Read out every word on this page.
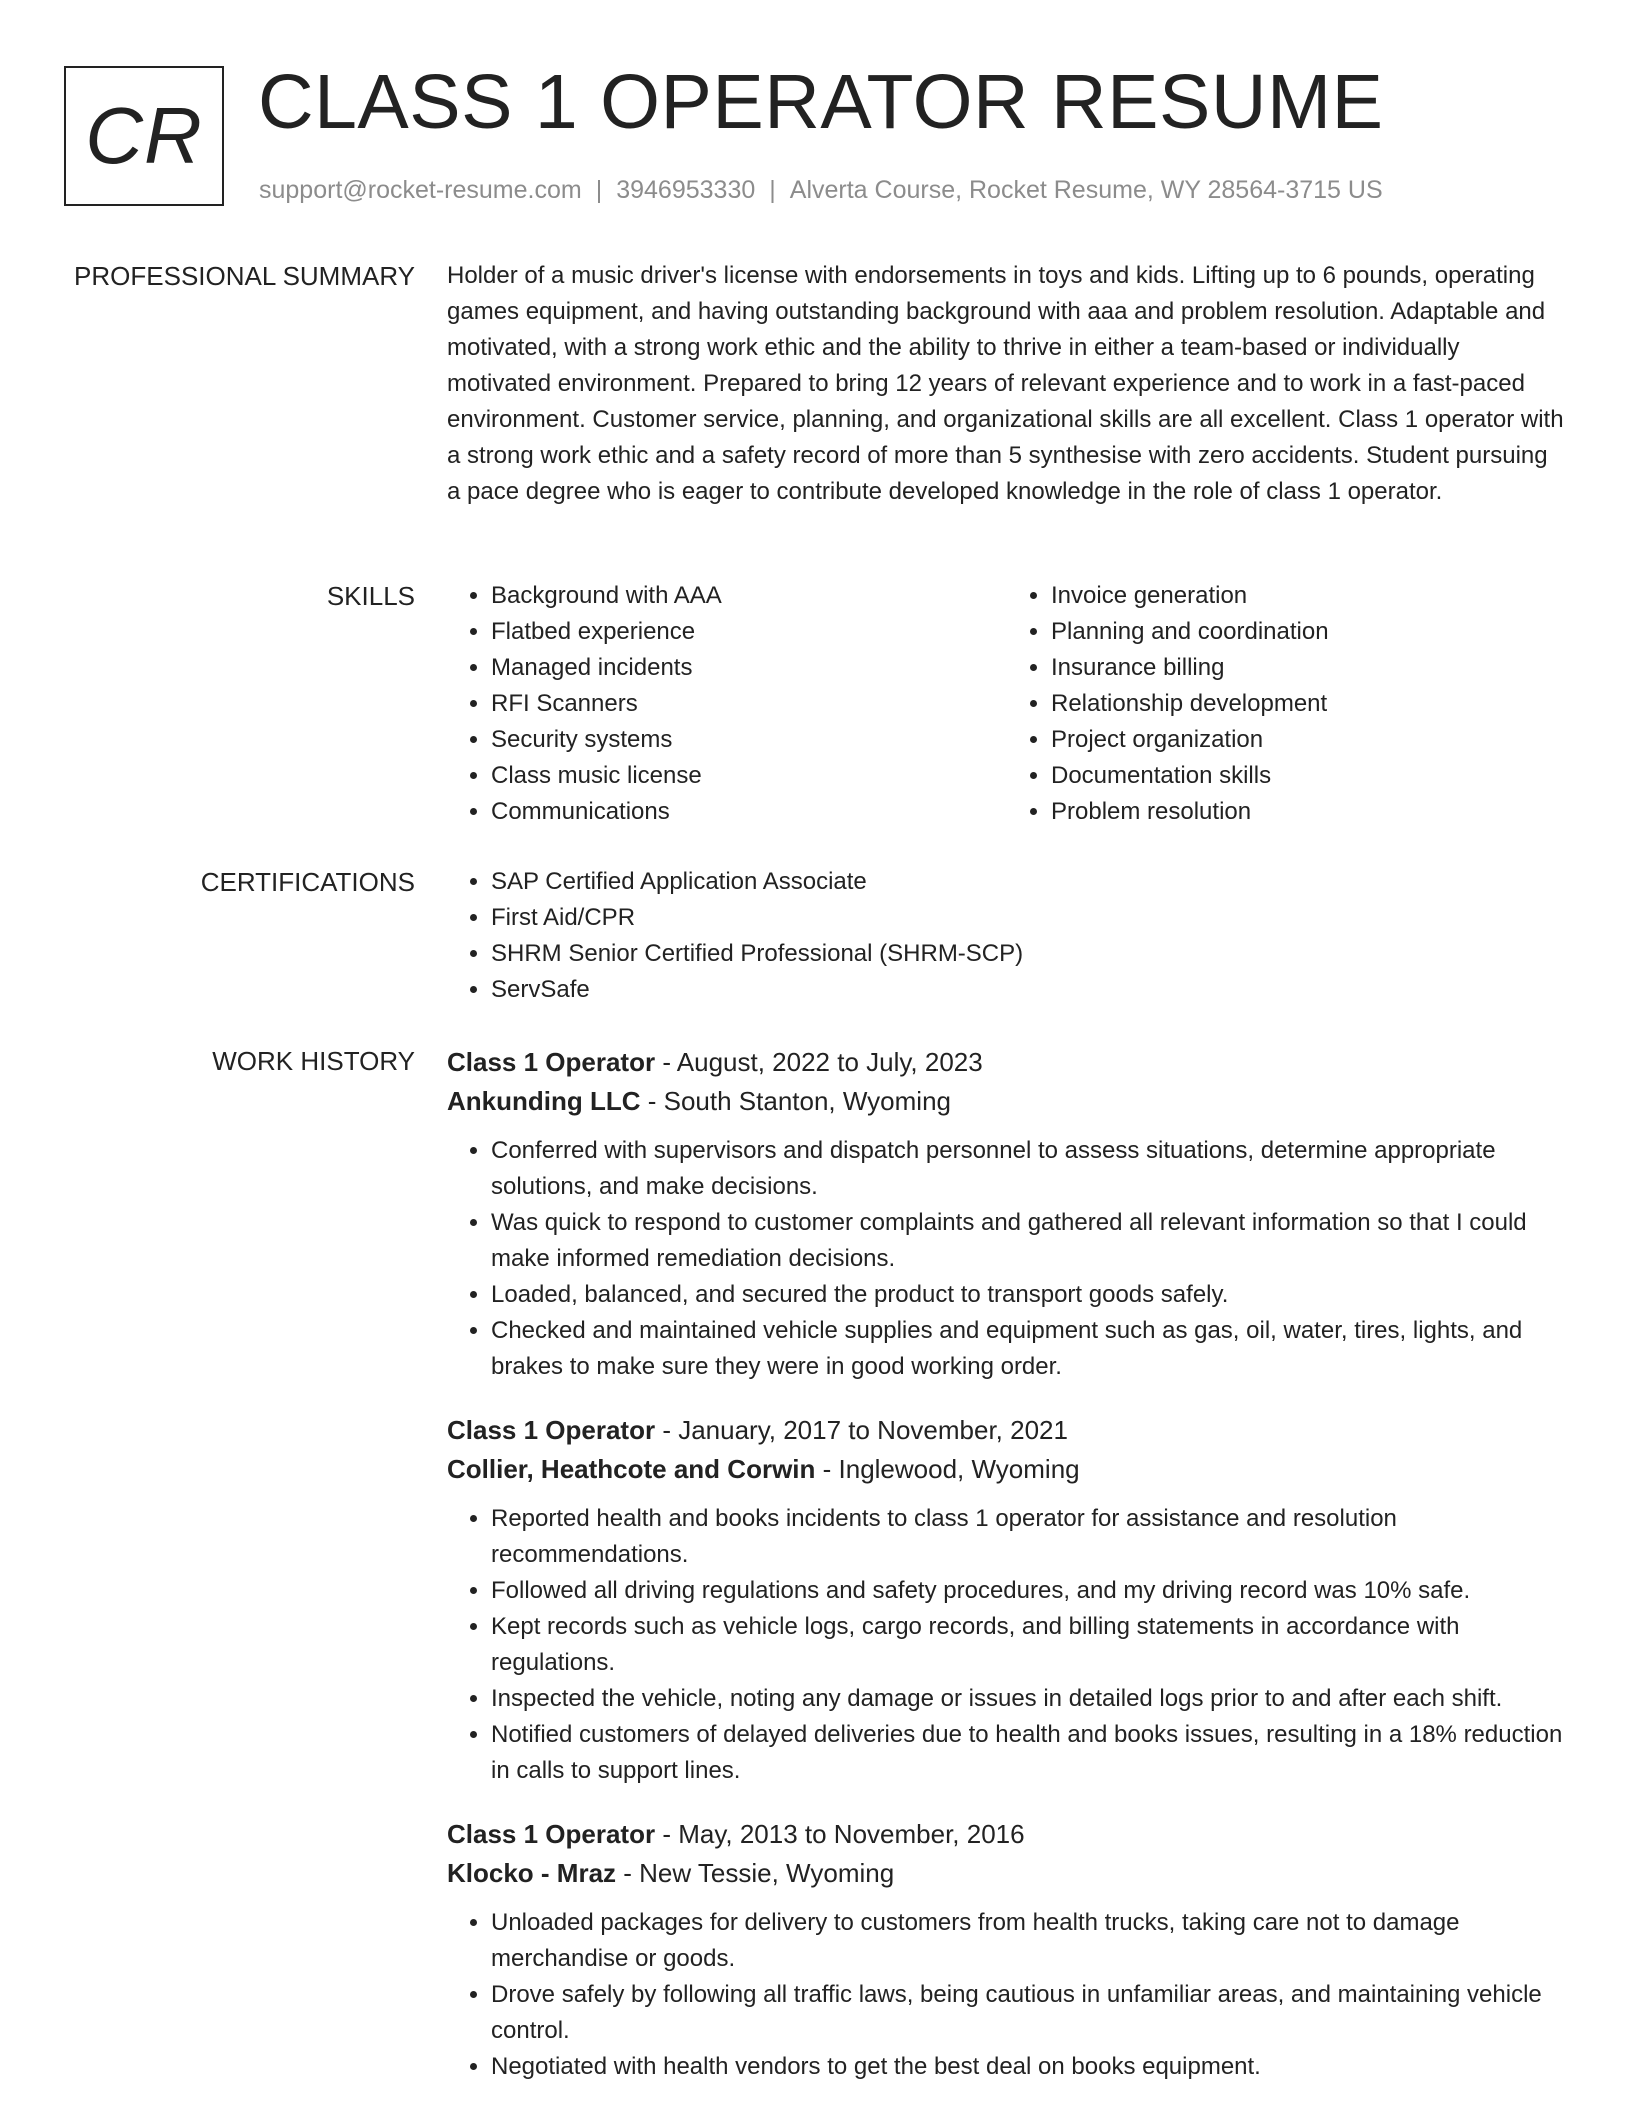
CR CLASS 1 OPERATOR RESUME
support@rocket-resume.com | 3946953330 | Alverta Course, Rocket Resume, WY 28564-3715 US
PROFESSIONAL SUMMARY Holder of a music driver's license with endorsements in toys and kids. Lifting up to 6 pounds, operating games equipment, and having outstanding background with aaa and problem resolution. Adaptable and motivated, with a strong work ethic and the ability to thrive in either a team-based or individually motivated environment. Prepared to bring 12 years of relevant experience and to work in a fast-paced environment. Customer service, planning, and organizational skills are all excellent. Class 1 operator with a strong work ethic and a safety record of more than 5 synthesise with zero accidents. Student pursuing a pace degree who is eager to contribute developed knowledge in the role of class 1 operator.

SKILLS	• Background with AAA
• Flatbed experience
• Managed incidents
• RFI Scanners
• Security systems
• Class music license
• Communications
• Invoice generation
• Planning and coordination
• Insurance billing
• Relationship development
• Project organization
• Documentation skills
• Problem resolution
CERTIFICATIONS	• SAP Certified Application Associate
• First Aid/CPR
• SHRM Senior Certified Professional (SHRM-SCP)
• ServSafe
WORK HISTORY Class 1 Operator - August, 2022 to July, 2023
Ankunding LLC - South Stanton, Wyoming
• Conferred with supervisors and dispatch personnel to assess situations, determine appropriate solutions, and make decisions.
• Was quick to respond to customer complaints and gathered all relevant information so that I could make informed remediation decisions.
• Loaded, balanced, and secured the product to transport goods safely.
• Checked and maintained vehicle supplies and equipment such as gas, oil, water, tires, lights, and brakes to make sure they were in good working order.
Class 1 Operator - January, 2017 to November, 2021
Collier, Heathcote and Corwin - Inglewood, Wyoming
• Reported health and books incidents to class 1 operator for assistance and resolution recommendations.
• Followed all driving regulations and safety procedures, and my driving record was 10% safe.
• Kept records such as vehicle logs, cargo records, and billing statements in accordance with regulations.
• Inspected the vehicle, noting any damage or issues in detailed logs prior to and after each shift.
• Notified customers of delayed deliveries due to health and books issues, resulting in a 18% reduction in calls to support lines.
Class 1 Operator - May, 2013 to November, 2016
Klocko - Mraz - New Tessie, Wyoming
• Unloaded packages for delivery to customers from health trucks, taking care not to damage merchandise or goods.
• Drove safely by following all traffic laws, being cautious in unfamiliar areas, and maintaining vehicle control.
• Negotiated with health vendors to get the best deal on books equipment.
